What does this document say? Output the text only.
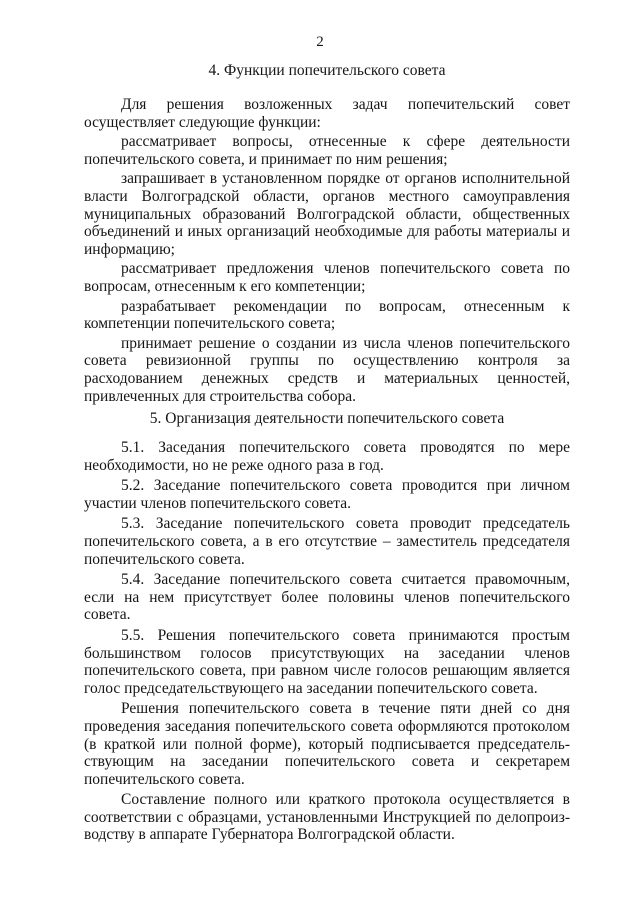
2
4. Функции попечительского совета

Для решения возложенных задач попечительский совет осуществляет следующие функции:

рассматривает вопросы, отнесенные к сфере деятельности попечительского совета, и принимает по ним решения;

запрашивает в установленном порядке от органов исполнительной власти Волгоградской области, органов местного самоуправления муниципальных образований Волгоградской области, общественных объединений и иных организаций необходимые для работы материалы и информацию;

рассматривает предложения членов попечительского совета по вопросам, отнесенным к его компетенции;

разрабатывает рекомендации по вопросам, отнесенным к компетенции попечительского совета;

принимает решение о создании из числа членов попечительского совета ревизионной группы по осуществлению контроля за расходованием денежных средств и материальных ценностей, привлеченных для строительства собора.

5. Организация деятельности попечительского совета

5.1. Заседания попечительского совета проводятся по мере необходимости, но не реже одного раза в год.

5.2. Заседание попечительского совета проводится при личном участии членов попечительского совета.

5.3. Заседание попечительского совета проводит председатель попечительского совета, а в его отсутствие – заместитель председателя попечительского совета.

5.4. Заседание попечительского совета считается правомочным, если на нем присутствует более половины членов попечительского совета.

5.5. Решения попечительского совета принимаются простым большинством голосов присутствующих на заседании членов попечительского совета, при равном числе голосов решающим является голос председательствующего на заседании попечительского совета.

Решения попечительского совета в течение пяти дней со дня проведения заседания попечительского совета оформляются протоколом (в краткой или полной форме), который подписывается председательствующим на заседании попечительского совета и секретарем попечительского совета.

Составление полного или краткого протокола осуществляется в соответствии с образцами, установленными Инструкцией по делопроизводству в аппарате Губернатора Волгоградской области.
